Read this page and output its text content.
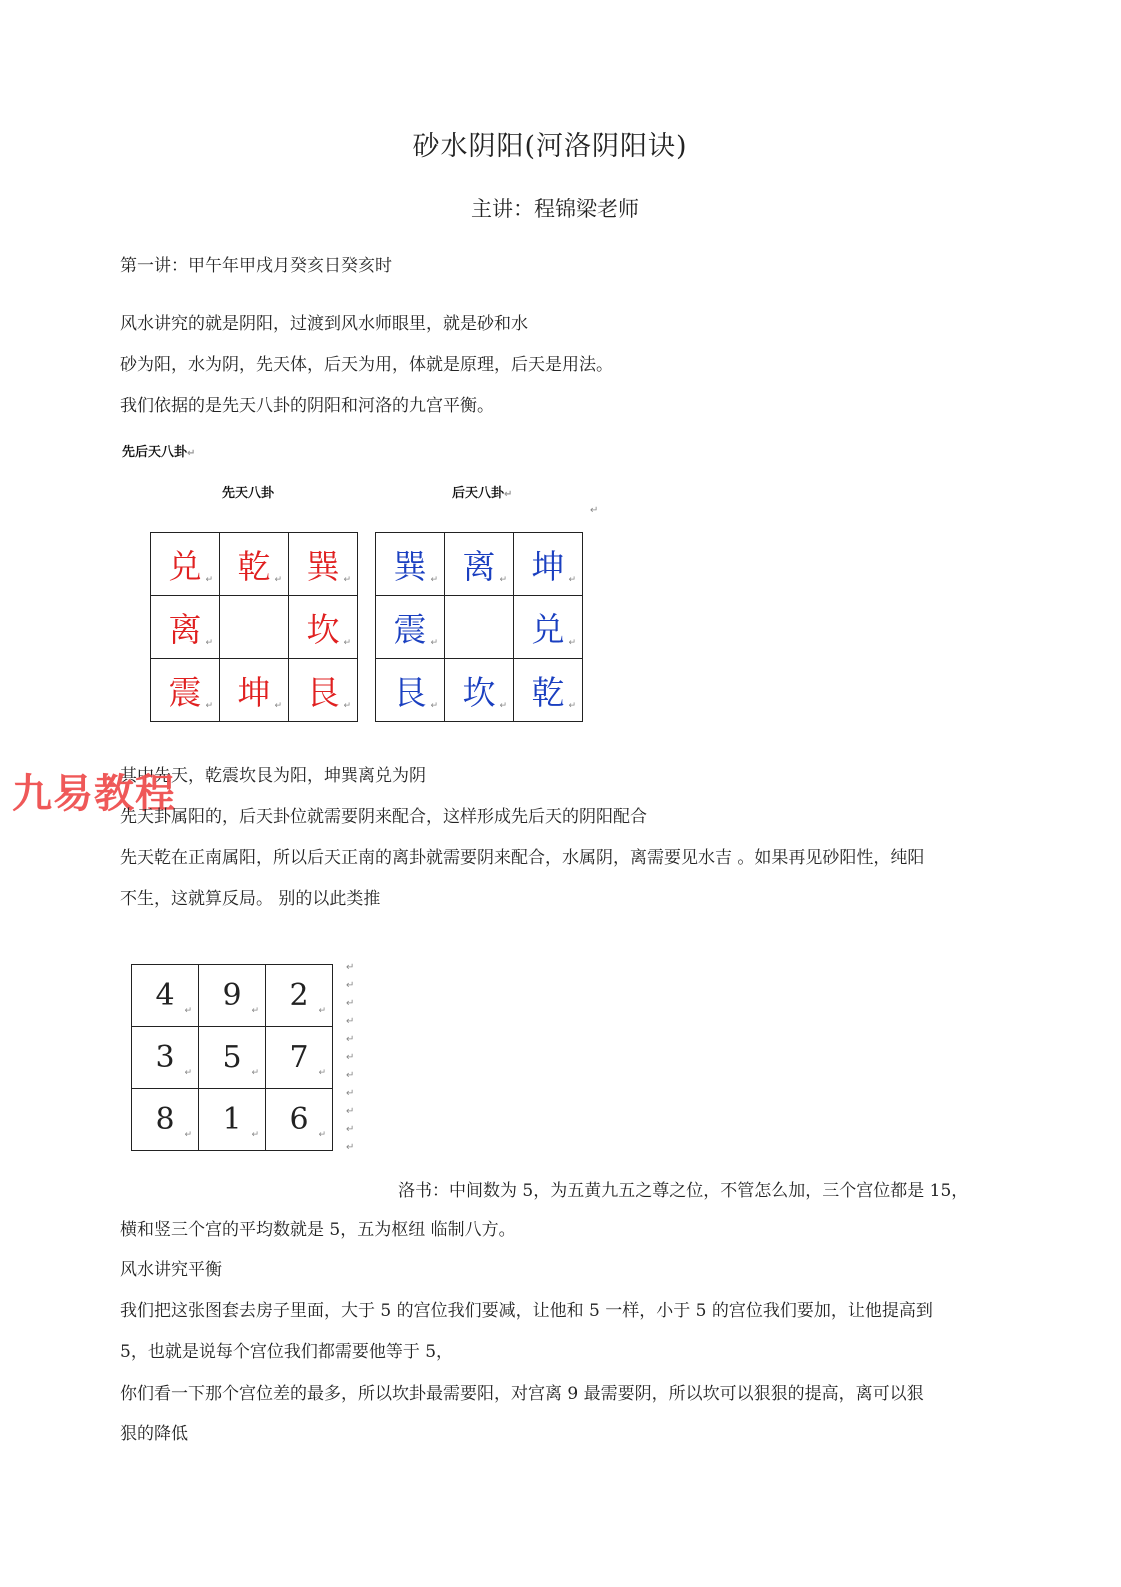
砂水阴阳(河洛阴阳诀)
主讲：程锦梁老师
第一讲：甲午年甲戌月癸亥日癸亥时
风水讲究的就是阴阳，过渡到风水师眼里，就是砂和水
砂为阳，水为阴，先天体，后天为用，体就是原理，后天是用法。
我们依据的是先天八卦的阴阳和河洛的九宫平衡。
先后天八卦↵
先天八卦	后天八卦↵
↵
兑 ↵	乾 ↵	巽 ↵

离 ↵		坎 ↵

震 ↵	坤 ↵	艮 ↵
巽 ↵	离 ↵	坤 ↵

震 ↵		兑 ↵

艮 ↵	坎 ↵	乾 ↵
其中先天，乾震坎艮为阳，坤巽离兑为阴
九易教程
先天卦属阳的，后天卦位就需要阴来配合，这样形成先后天的阴阳配合
先天乾在正南属阳，所以后天正南的离卦就需要阴来配合，水属阴，离需要见水吉 。如果再见砂阳性，纯阳
不生，这就算反局。 别的以此类推
4 ↵	9 ↵	2 ↵

3 ↵	5 ↵	7 ↵

8 ↵	1 ↵	6 ↵
↵
↵
↵
↵
↵
↵
↵
↵
↵
↵
↵
洛书：中间数为 5，为五黄九五之尊之位，不管怎么加，三个宫位都是 15，
横和竖三个宫的平均数就是 5，五为枢纽 临制八方。
风水讲究平衡
我们把这张图套去房子里面，大于 5 的宫位我们要减，让他和 5 一样，小于 5 的宫位我们要加，让他提高到
5，也就是说每个宫位我们都需要他等于 5，
你们看一下那个宫位差的最多，所以坎卦最需要阳，对宫离 9 最需要阴，所以坎可以狠狠的提高，离可以狠
狠的降低
